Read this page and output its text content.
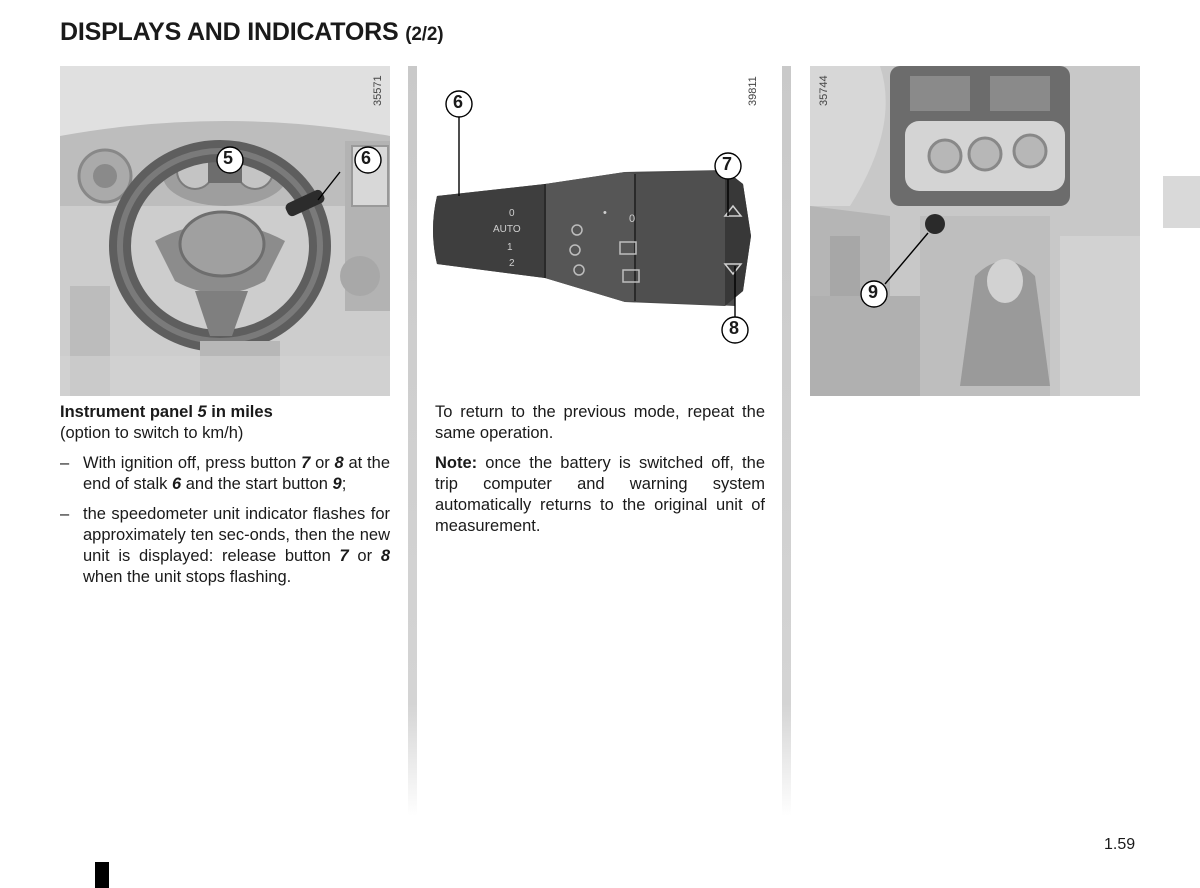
DISPLAYS AND INDICATORS (2/2)
35571
5	6
AUTO
0
1
2
0
•
39811
6
7
8
35744
9

Instrument panel 5 in miles

(option to switch to km/h)

– With ignition off, press button 7 or 8 at the end of stalk 6 and the start button 9;
– the speedometer unit indicator flashes for approximately ten sec-onds, then the new unit is displayed: release button 7 or 8 when the unit stops flashing.

To return to the previous mode, repeat the same operation.

Note: once the battery is switched off, the trip computer and warning system automatically returns to the original unit of measurement.

1.59
